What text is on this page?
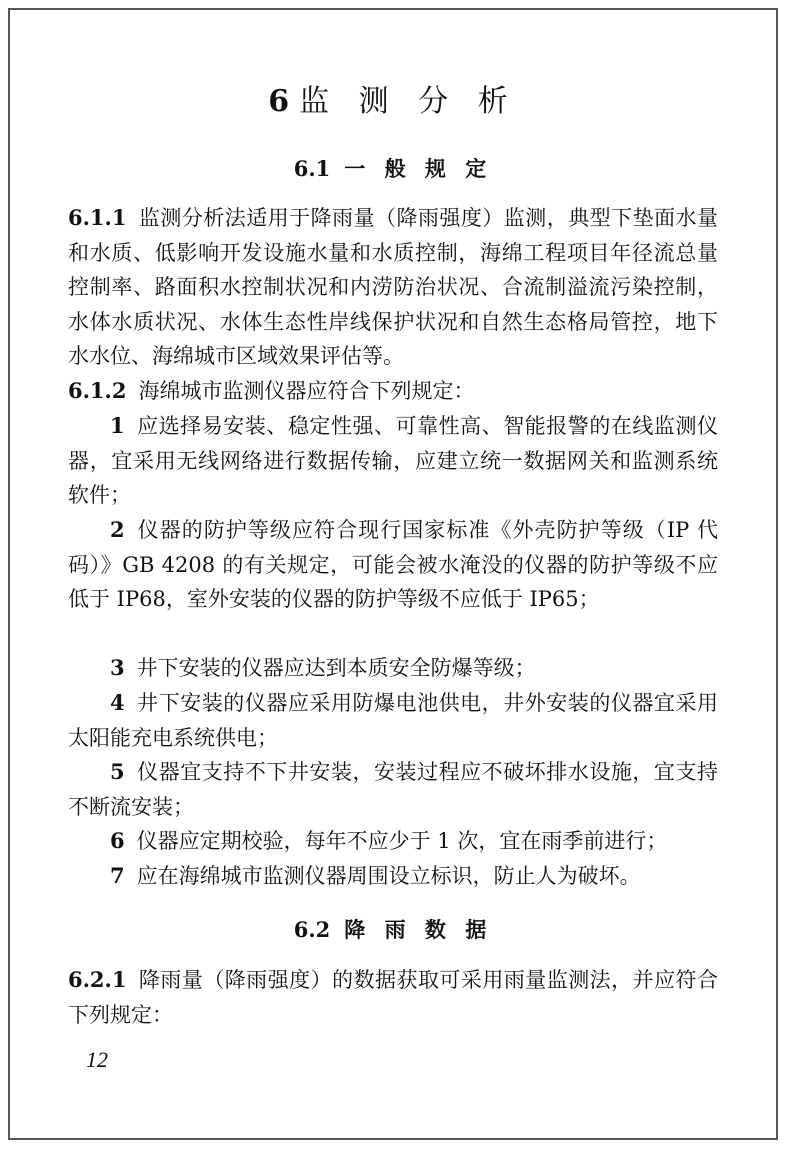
6 监 测 分 析
6.1 一 般 规 定
6.1.1 监测分析法适用于降雨量（降雨强度）监测，典型下垫面水量和水质、低影响开发设施水量和水质控制，海绵工程项目年径流总量控制率、路面积水控制状况和内涝防治状况、合流制溢流污染控制，水体水质状况、水体生态性岸线保护状况和自然生态格局管控，地下水水位、海绵城市区域效果评估等。
6.1.2 海绵城市监测仪器应符合下列规定：
1 应选择易安装、稳定性强、可靠性高、智能报警的在线监测仪器，宜采用无线网络进行数据传输，应建立统一数据网关和监测系统软件；
2 仪器的防护等级应符合现行国家标准《外壳防护等级（IP 代码）》GB 4208 的有关规定，可能会被水淹没的仪器的防护等级不应低于 IP68，室外安装的仪器的防护等级不应低于 IP65；
3 井下安装的仪器应达到本质安全防爆等级；
4 井下安装的仪器应采用防爆电池供电，井外安装的仪器宜采用太阳能充电系统供电；
5 仪器宜支持不下井安装，安装过程应不破坏排水设施，宜支持不断流安装；
6 仪器应定期校验，每年不应少于 1 次，宜在雨季前进行；
7 应在海绵城市监测仪器周围设立标识，防止人为破坏。
6.2 降 雨 数 据
6.2.1 降雨量（降雨强度）的数据获取可采用雨量监测法，并应符合下列规定：
12
